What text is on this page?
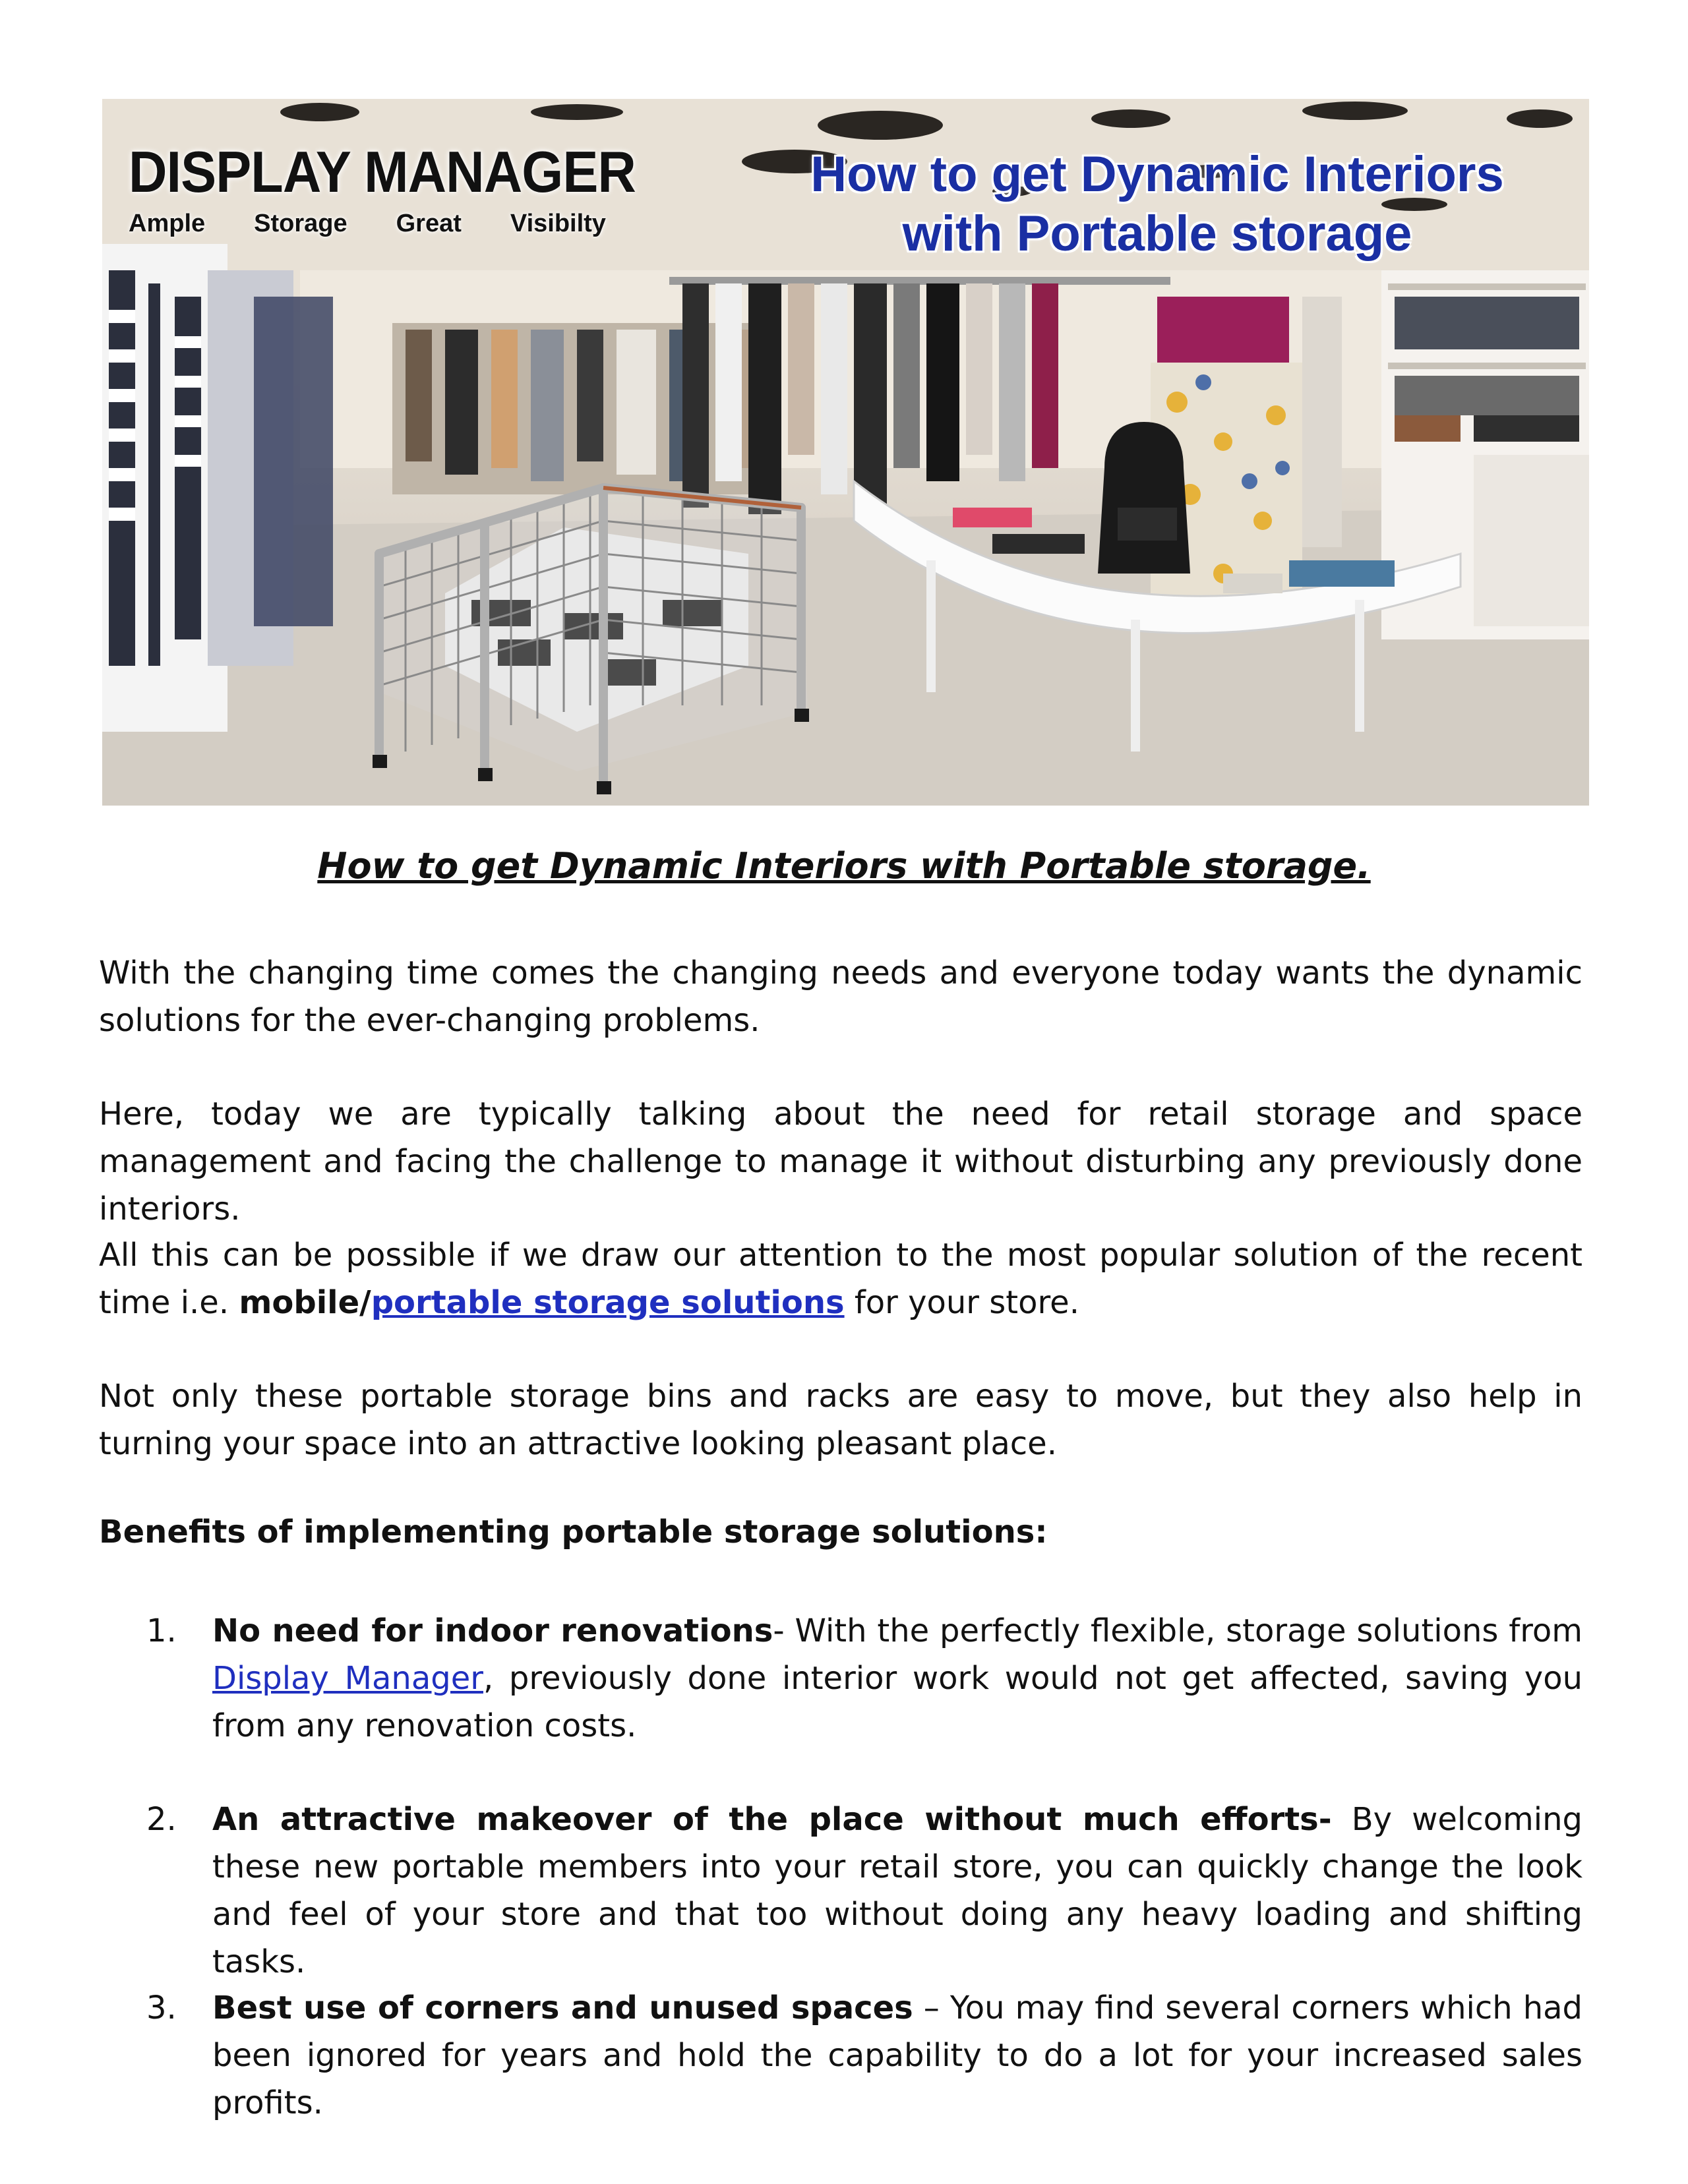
DISPLAY MANAGER
Ample Storage Great Visibilty
How to get Dynamic Interiors
with Portable storage
How to get Dynamic Interiors with Portable storage.

With the changing time comes the changing needs and everyone today wants the dynamic solutions for the ever-changing problems.

Here, today we are typically talking about the need for retail storage and space management and facing the challenge to manage it without disturbing any previously done interiors.

All this can be possible if we draw our attention to the most popular solution of the recent time i.e. mobile/portable storage solutions for your store.

Not only these portable storage bins and racks are easy to move, but they also help in turning your space into an attractive looking pleasant place.

Benefits of implementing portable storage solutions:
1.	No need for indoor renovations- With the perfectly flexible, storage solutions from Display Manager, previously done interior work would not get affected, saving you from any renovation costs.
2.	An attractive makeover of the place without much efforts- By welcoming these new portable members into your retail store, you can quickly change the look and feel of your store and that too without doing any heavy loading and shifting tasks.
3.	Best use of corners and unused spaces – You may find several corners which had been ignored for years and hold the capability to do a lot for your increased sales profits.
